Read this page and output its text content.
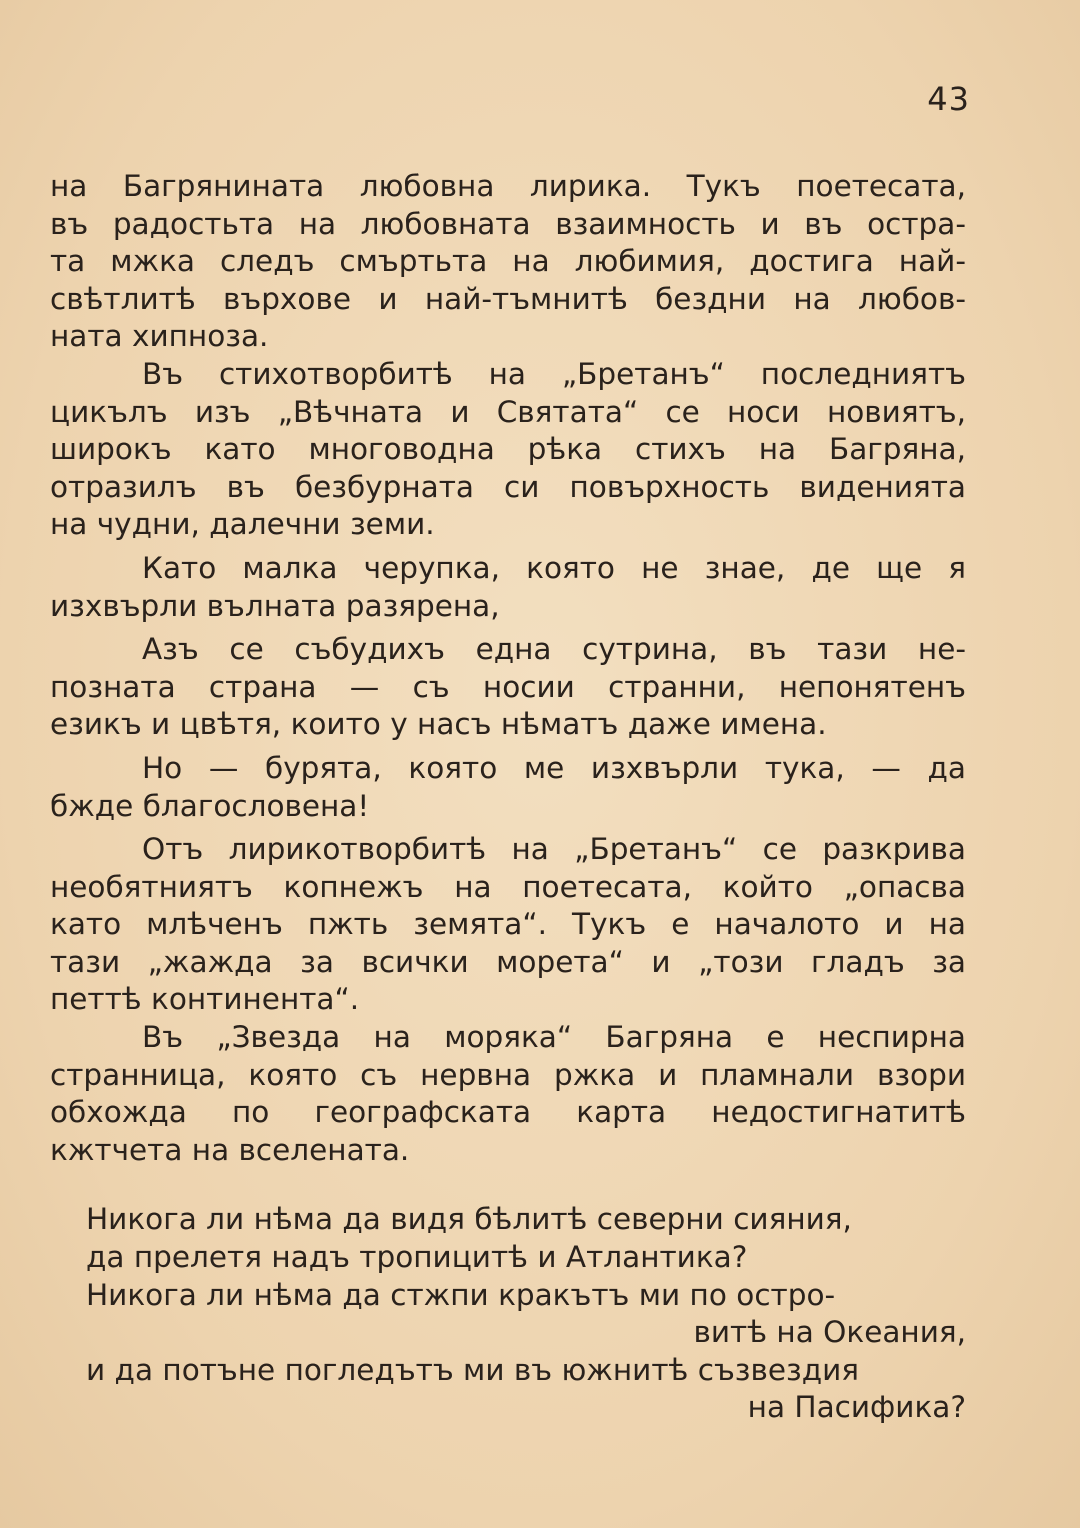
43
на Багрянината любовна лирика. Тукъ поетесата,
въ радостьта на любовната взаимность и въ остра-
та мжка следъ смъртьта на любимия, достига най-
свѣтлитѣ върхове и най-тъмнитѣ бездни на любов-
ната хипноза.
Въ стихотворбитѣ на „Бретанъ“ последниятъ
цикълъ изъ „Вѣчната и Святата“ се носи новиятъ,
широкъ като многоводна рѣка стихъ на Багряна,
отразилъ въ безбурната си повърхность виденията
на чудни, далечни земи.
Като малка черупка, която не знае, де ще я
изхвърли вълната разярена,
Азъ се събудихъ една сутрина, въ тази не-
позната страна — съ носии странни, непонятенъ
езикъ и цвѣтя, които у насъ нѣматъ даже имена.
Но — бурята, която ме изхвърли тука, — да
бжде благословена!
Отъ лирикотворбитѣ на „Бретанъ“ се разкрива
необятниятъ копнежъ на поетесата, който „опасва
като млѣченъ пжть земята“. Тукъ е началото и на
тази „жажда за всички морета“ и „този гладъ за
петтѣ континента“.
Въ „Звезда на моряка“ Багряна е неспирна
странница, която съ нервна ржка и пламнали взори
обхожда по географската карта недостигнатитѣ
кжтчета на вселената.
Никога ли нѣма да видя бѣлитѣ северни сияния,
да прелетя надъ тропицитѣ и Атлантика?
Никога ли нѣма да стжпи кракътъ ми по остро-
витѣ на Океания,
и да потъне погледътъ ми въ южнитѣ съзвездия
на Пасифика?
